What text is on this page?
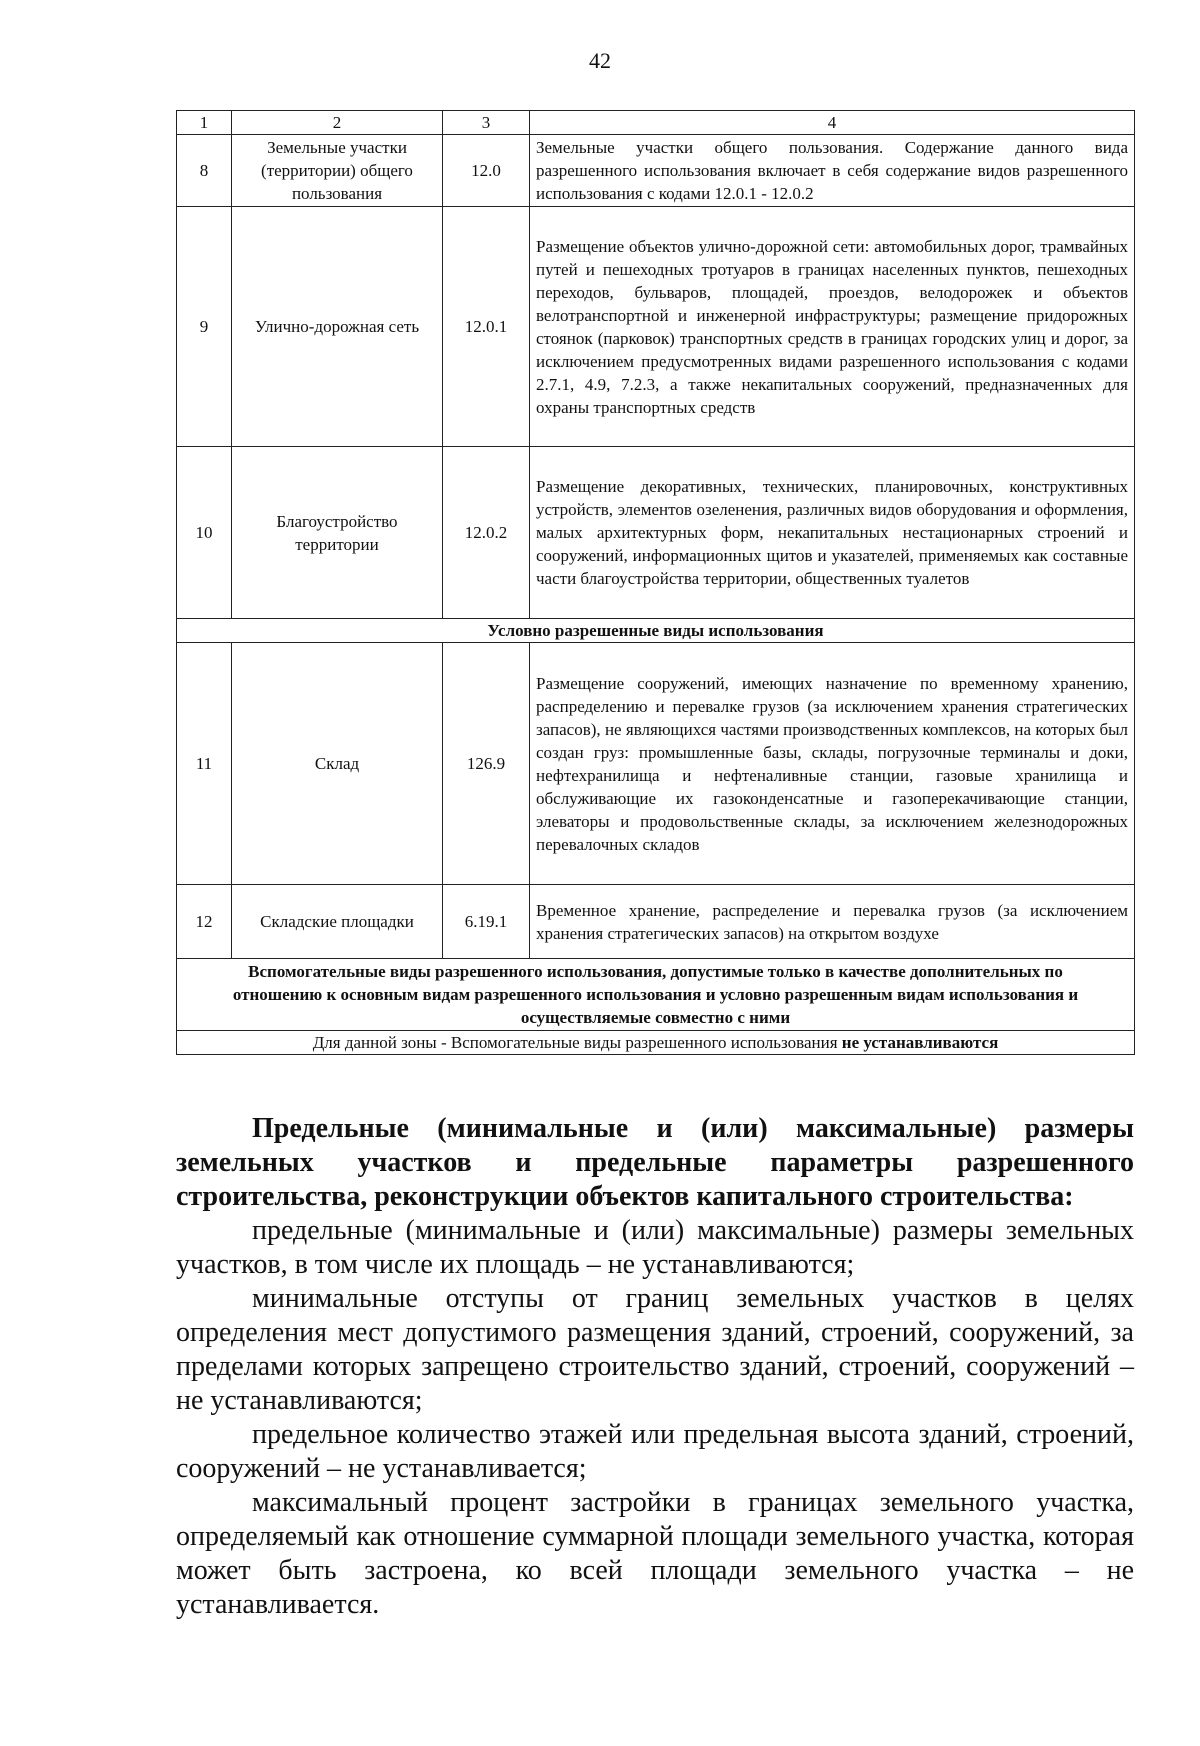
42
1	2	3	4
8	Земельные участки (территории) общего пользования	12.0	Земельные участки общего пользования. Содержание данного вида разрешенного использования включает в себя содержание видов разрешенного использования с кодами 12.0.1 - 12.0.2
9	Улично-дорожная сеть	12.0.1	Размещение объектов улично-дорожной сети: автомобильных дорог, трамвайных путей и пешеходных тротуаров в границах населенных пунктов, пешеходных переходов, бульваров, площадей, проездов, велодорожек и объектов велотранспортной и инженерной инфраструктуры; размещение придорожных стоянок (парковок) транспортных средств в границах городских улиц и дорог, за исключением предусмотренных видами разрешенного использования с кодами 2.7.1, 4.9, 7.2.3, а также некапитальных сооружений, предназначенных для охраны транспортных средств
10	Благоустройство территории	12.0.2	Размещение декоративных, технических, планировочных, конструктивных устройств, элементов озеленения, различных видов оборудования и оформления, малых архитектурных форм, некапитальных нестационарных строений и сооружений, информационных щитов и указателей, применяемых как составные части благоустройства территории, общественных туалетов
Условно разрешенные виды использования			
11	Склад	126.9	Размещение сооружений, имеющих назначение по временному хранению, распределению и перевалке грузов (за исключением хранения стратегических запасов), не являющихся частями производственных комплексов, на которых был создан груз: промышленные базы, склады, погрузочные терминалы и доки, нефтехранилища и нефтеналивные станции, газовые хранилища и обслуживающие их газоконденсатные и газоперекачивающие станции, элеваторы и продовольственные склады, за исключением железнодорожных перевалочных складов
12	Складские площадки	6.19.1	Временное хранение, распределение и перевалка грузов (за исключением хранения стратегических запасов) на открытом воздухе
Вспомогательные виды разрешенного использования, допустимые только в качестве дополнительных по отношению к основным видам разрешенного использования и условно разрешенным видам использования и осуществляемые совместно с ними			
Для данной зоны - Вспомогательные виды разрешенного использования не устанавливаются			

Предельные (минимальные и (или) максимальные) размеры земельных участков и предельные параметры разрешенного строительства, реконструкции объектов капитального строительства:

предельные (минимальные и (или) максимальные) размеры земельных участков, в том числе их площадь – не устанавливаются;

минимальные отступы от границ земельных участков в целях определения мест допустимого размещения зданий, строений, сооружений, за пределами которых запрещено строительство зданий, строений, сооружений – не устанавливаются;

предельное количество этажей или предельная высота зданий, строений, сооружений – не устанавливается;

максимальный процент застройки в границах земельного участка, определяемый как отношение суммарной площади земельного участка, которая может быть застроена, ко всей площади земельного участка – не устанавливается.
